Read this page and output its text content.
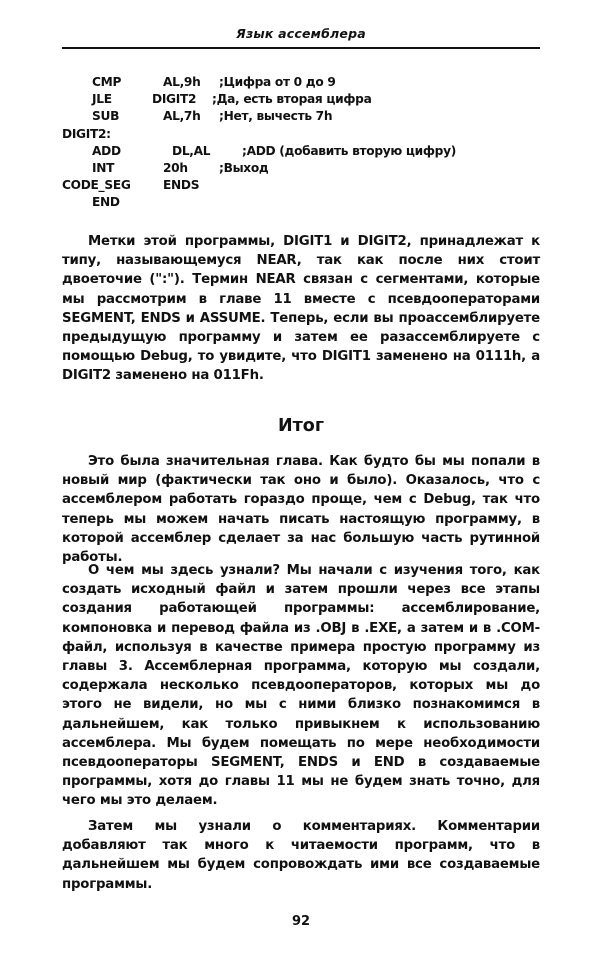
Язык ассемблера
CMP	AL,9h ;Цифра от 0 до 9
JLE	DIGIT2 ;Да, есть вторая цифра
SUB	AL,7h ;Нет, вычесть 7h
DIGIT2:
ADD	DL,AL	;ADD (добавить вторую цифру)
INT	20h	;Выход
CODE_SEG	ENDS
END
Метки этой программы, DIGIT1 и DIGIT2, принадлежат к типу, называющемуся NEAR, так как после них стоит двоеточие (":"). Термин NEAR связан с сегментами, которые мы рассмотрим в главе 11 вместе с псевдооператорами SEGMENT, ENDS и ASSUME. Теперь, если вы проассемблируете предыдущую программу и затем ее разассемблируете с помощью Debug, то увидите, что DIGIT1 заменено на 0111h, а DIGIT2 заменено на 011Fh.
Итог
Это была значительная глава. Как будто бы мы попали в новый мир (фактически так оно и было). Оказалось, что с ассемблером работать гораздо проще, чем с Debug, так что теперь мы можем начать писать настоящую программу, в которой ассемблер сделает за нас большую часть рутинной работы.
О чем мы здесь узнали? Мы начали с изучения того, как создать исходный файл и затем прошли через все этапы создания работающей программы: ассемблирование, компоновка и перевод файла из .OBJ в .EXE, а затем и в .COM-файл, используя в качестве примера простую программу из главы 3. Ассемблерная программа, которую мы создали, содержала несколько псевдооператоров, которых мы до этого не видели, но мы с ними близко познакомимся в дальнейшем, как только привыкнем к использованию ассемблера. Мы будем помещать по мере необходимости псевдооператоры SEGMENT, ENDS и END в создаваемые программы, хотя до главы 11 мы не будем знать точно, для чего мы это делаем.
Затем мы узнали о комментариях. Комментарии добавляют так много к читаемости программ, что в дальнейшем мы будем сопровождать ими все создаваемые программы.
92
